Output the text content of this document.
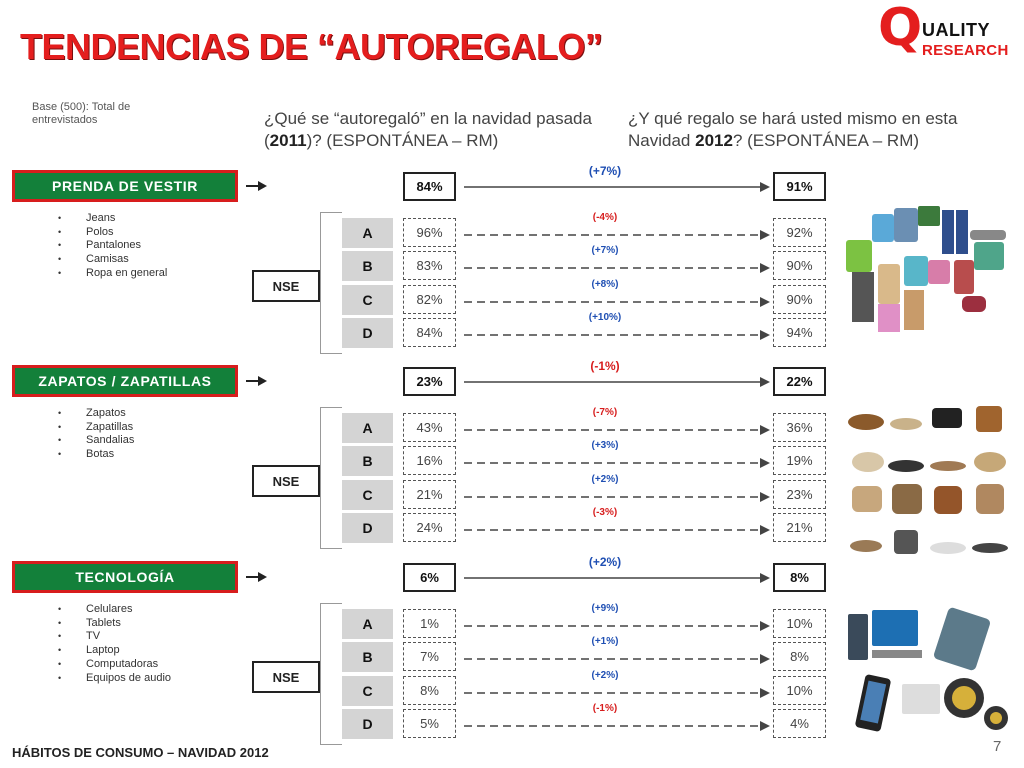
TENDENCIAS DE “AUTOREGALO”	Q UALITY
RESEARCH
Base (500): Total de entrevistados	¿Qué se “autoregaló” en la navidad pasada (2011)? (ESPONTÁNEA – RM)
¿Y qué regalo se hará usted mismo en esta Navidad 2012? (ESPONTÁNEA – RM)
PRENDA DE VESTIR
• Jeans
• Polos
• Pantalones
• Camisas
• Ropa en general
84%	91%
(+7%)
NSE
A	96%	92%
(-4%)
B	83%	90%
(+7%)
C	82%	90%
(+8%)
D	84%	94%
(+10%)
ZAPATOS / ZAPATILLAS
• Zapatos
• Zapatillas
• Sandalias
• Botas
23%	22%
(-1%)
NSE
A	43%	36%
(-7%)
B	16%	19%
(+3%)
C	21%	23%
(+2%)
D	24%	21%
(-3%)
TECNOLOGÍA
• Celulares
• Tablets
• TV
• Laptop
• Computadoras
• Equipos de audio
6%	8%
(+2%)
NSE
A	1%	10%
(+9%)
B	7%	8%
(+1%)
C	8%	10%
(+2%)
D	5%	4%
(-1%)
HÁBITOS DE CONSUMO – NAVIDAD 2012	7
